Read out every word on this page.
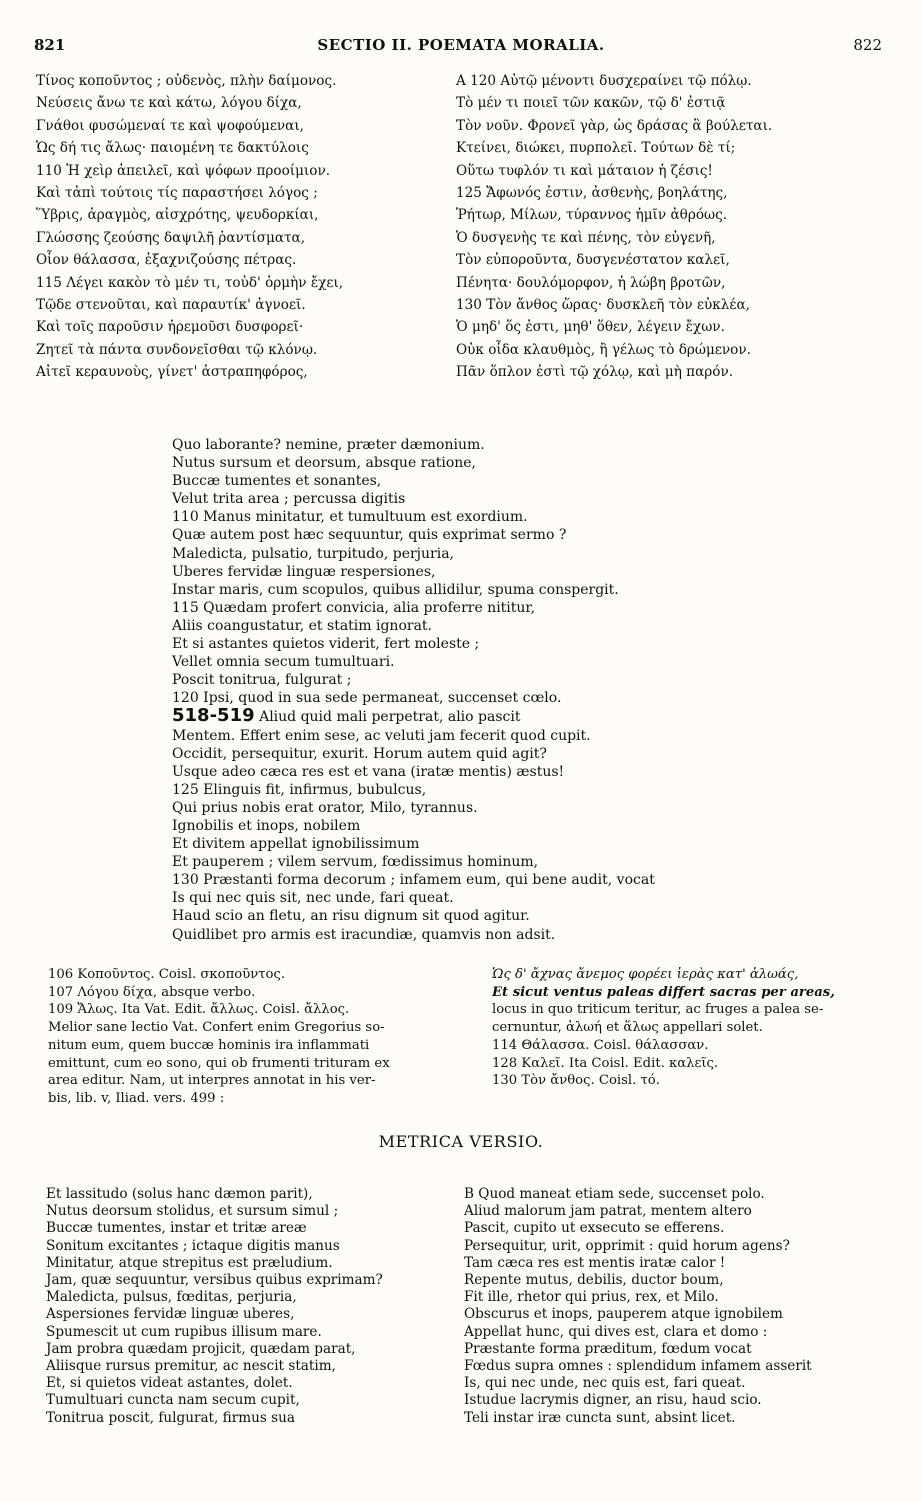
821	SECTIO II. POEMATA MORALIA.	822
Τίνος κοπoῦντος ; οὐδενὸς, πλὴν δαίμονος.
Νεύσεις ἄνω τε καὶ κάτω, λόγου δίχα,
Γνάθοι φυσώμεναί τε καὶ ψοφούμεναι,
Ὡς δή τις ἄλως· παιομένη τε δακτύλοις
110 Ἡ χεὶρ ἀπειλεῖ, καὶ ψόφων προοίμιον.
Καὶ τἀπὶ τούτοις τίς παραστήσει λόγος ;
Ὕβρις, ἀραγμὸς, αἰσχρότης, ψευδορκίαι,
Γλώσσης ζεούσης δαψιλῆ ῥαντίσματα,
Οἷον θάλασσα, ἐξαχνιζούσης πέτρας.
115 Λέγει κακὸν τὸ μέν τι, τοὐδ' ὁρμὴν ἔχει,
Τῷδε στενοῦται, καὶ παραυτίκ' ἀγνοεῖ.
Καὶ τοῖς παροῦσιν ἠρεμοῦσι δυσφορεῖ·
Ζητεῖ τὰ πάντα συνδονεῖσθαι τῷ κλόνῳ.
Αἰτεῖ κεραυνοὺς, γίνετ' ἀστραπηφόρος,
A 120 Αὐτῷ μένοντι δυσχεραίνει τῷ πόλῳ.
Τὸ μέν τι ποιεῖ τῶν κακῶν, τῷ δ' ἐστιᾷ
Τὸν νοῦν. Φρονεῖ γὰρ, ὡς δράσας ἃ βούλεται.
Κτείνει, διώκει, πυρπολεῖ. Τούτων δὲ τί;
Οὕτω τυφλόν τι καὶ μάταιον ἡ ζέσις!
125 Ἄφωνός ἐστιν, ἀσθενὴς, βοηλάτης,
Ῥήτωρ, Μίλων, τύραννος ἡμῖν ἀθρόως.
Ὁ δυσγενὴς τε καὶ πένης, τὸν εὐγενῆ,
Τὸν εὐποροῦντα, δυσγενέστατον καλεῖ,
Πένητα· δουλόμορφον, ἡ λώβη βροτῶν,
130 Τὸν ἄνθος ὥρας· δυσκλεῆ τὸν εὐκλέα,
Ὁ μηδ' ὅς ἐστι, μηθ' ὅθεν, λέγειν ἔχων.
Οὐκ οἶδα κλαυθμὸς, ἢ γέλως τὸ δρώμενον.
Πᾶν ὅπλον ἐστὶ τῷ χόλῳ, καὶ μὴ παρόν.
Quo laborante? nemine, præter dæmonium.
Nutus sursum et deorsum, absque ratione,
Buccæ tumentes et sonantes,
Velut trita area ; percussa digitis
110 Manus minitatur, et tumultuum est exordium.
Quæ autem post hæc sequuntur, quis exprimat sermo ?
Maledicta, pulsatio, turpitudo, perjuria,
Uberes fervidæ linguæ respersiones,
Instar maris, cum scopulos, quibus allidilur, spuma conspergit.
115 Quædam profert convicia, alia proferre nititur,
Aliis coangustatur, et statim ignorat.
Et si astantes quietos viderit, fert moleste ;
Vellet omnia secum tumultuari.
Poscit tonitrua, fulgurat ;
120 Ipsi, quod in sua sede permaneat, succenset cœlo.
518-519 Aliud quid mali perpetrat, alio pascit
Mentem. Effert enim sese, ac veluti jam fecerit quod cupit.
Occidit, persequitur, exurit. Horum autem quid agit?
Usque adeo cæca res est et vana (iratæ mentis) æstus!
125 Elinguis fit, infirmus, bubulcus,
Qui prius nobis erat orator, Milo, tyrannus.
Ignobilis et inops, nobilem
Et divitem appellat ignobilissimum
Et pauperem ; vilem servum, fœdissimus hominum,
130 Præstanti forma decorum ; infamem eum, qui bene audit, vocat
Is qui nec quis sit, nec unde, fari queat.
Haud scio an fletu, an risu dignum sit quod agitur.
Quidlibet pro armis est iracundiæ, quamvis non adsit.
106 Κοποῦντος. Coisl. σκοποῦντος.
107 Λόγου δίχα, absque verbo.
109 Ἄλως. Ita Vat. Edit. ἄλλως. Coisl. ἄλλος.
Melior sane lectio Vat. Confert enim Gregorius so-
nitum eum, quem buccæ hominis ira inflammati
emittunt, cum eo sono, qui ob frumenti trituram ex
area editur. Nam, ut interpres annotat in his ver-
bis, lib. v, Iliad. vers. 499 :
Ὡς δ' ἄχνας ἄνεμος φορέει ἱερὰς κατ' ἀλωάς,
Et sicut ventus paleas differt sacras per areas,
locus in quo triticum teritur, ac fruges a palea se-
cernuntur, ἀλωή et ἅλως appellari solet.
114 Θάλασσα. Coisl. θάλασσαν.
128 Καλεῖ. Ita Coisl. Edit. καλεῖς.
130 Τὸν ἄνθος. Coisl. τό.
METRICA VERSIO.
Et lassitudo (solus hanc dæmon parit),
Nutus deorsum stolidus, et sursum simul ;
Buccæ tumentes, instar et tritæ areæ
Sonitum excitantes ; ictaque digitis manus
Minitatur, atque strepitus est præludium.
Jam, quæ sequuntur, versibus quibus exprimam?
Maledicta, pulsus, fœditas, perjuria,
Aspersiones fervidæ linguæ uberes,
Spumescit ut cum rupibus illisum mare.
Jam probra quædam projicit, quædam parat,
Aliisque rursus premitur, ac nescit statim,
Et, si quietos videat astantes, dolet.
Tumultuari cuncta nam secum cupit,
Tonitrua poscit, fulgurat, firmus sua
B Quod maneat etiam sede, succenset polo.
Aliud malorum jam patrat, mentem altero
Pascit, cupito ut exsecuto se efferens.
Persequitur, urit, opprimit : quid horum agens?
Tam cæca res est mentis iratæ calor !
Repente mutus, debilis, ductor boum,
Fit ille, rhetor qui prius, rex, et Milo.
Obscurus et inops, pauperem atque ignobilem
Appellat hunc, qui dives est, clara et domo :
Præstante forma præditum, fœdum vocat
Fœdus supra omnes : splendidum infamem asserit
Is, qui nec unde, nec quis est, fari queat.
Istudue lacrymis digner, an risu, haud scio.
Teli instar iræ cuncta sunt, absint licet.
